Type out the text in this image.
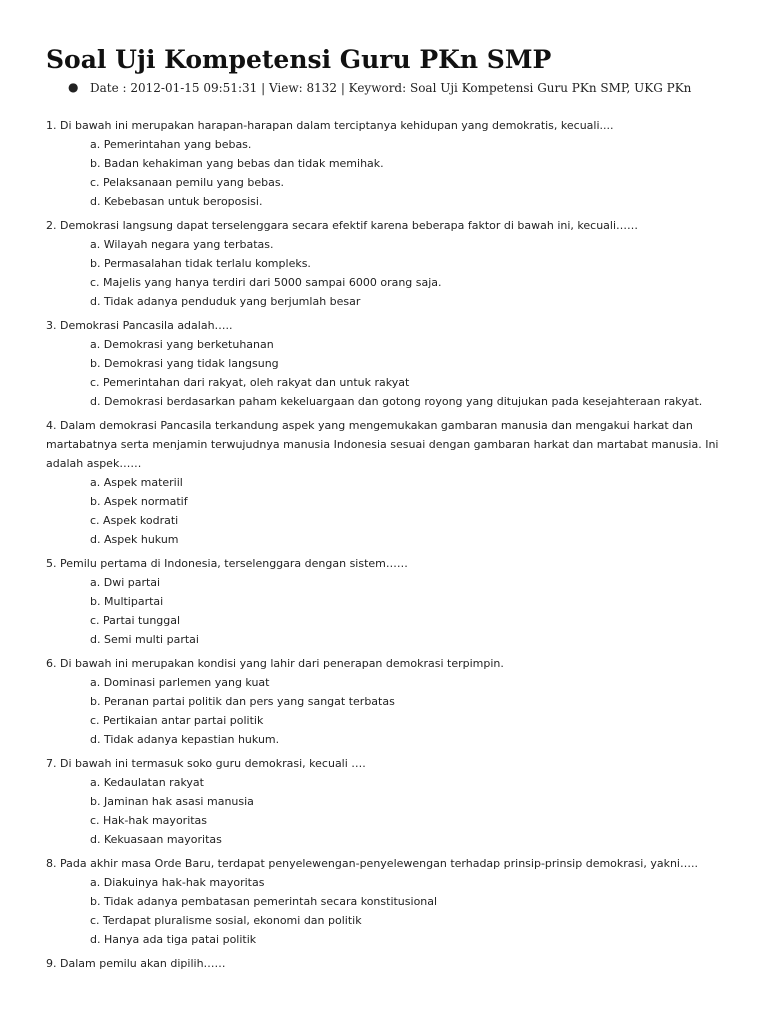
Soal Uji Kompetensi Guru PKn SMP
● Date : 2012-01-15 09:51:31 | View: 8132 | Keyword: Soal Uji Kompetensi Guru PKn SMP, UKG PKn
1. Di bawah ini merupakan harapan-harapan dalam terciptanya kehidupan yang demokratis, kecuali....
a. Pemerintahan yang bebas.
b. Badan kehakiman yang bebas dan tidak memihak.
c. Pelaksanaan pemilu yang bebas.
d. Kebebasan untuk beroposisi.
2. Demokrasi langsung dapat terselenggara secara efektif karena beberapa faktor di bawah ini, kecuali……
a. Wilayah negara yang terbatas.
b. Permasalahan tidak terlalu kompleks.
c. Majelis yang hanya terdiri dari 5000 sampai 6000 orang saja.
d. Tidak adanya penduduk yang berjumlah besar
3. Demokrasi Pancasila adalah…..
a. Demokrasi yang berketuhanan
b. Demokrasi yang tidak langsung
c. Pemerintahan dari rakyat, oleh rakyat dan untuk rakyat
d. Demokrasi berdasarkan paham kekeluargaan dan gotong royong yang ditujukan pada kesejahteraan rakyat.
4. Dalam demokrasi Pancasila terkandung aspek yang mengemukakan gambaran manusia dan mengakui harkat dan martabatnya serta menjamin terwujudnya manusia Indonesia sesuai dengan gambaran harkat dan martabat manusia. Ini adalah aspek……
a. Aspek materiil
b. Aspek normatif
c. Aspek kodrati
d. Aspek hukum
5. Pemilu pertama di Indonesia, terselenggara dengan sistem……
a. Dwi partai
b. Multipartai
c. Partai tunggal
d. Semi multi partai
6. Di bawah ini merupakan kondisi yang lahir dari penerapan demokrasi terpimpin.
a. Dominasi parlemen yang kuat
b. Peranan partai politik dan pers yang sangat terbatas
c. Pertikaian antar partai politik
d. Tidak adanya kepastian hukum.
7. Di bawah ini termasuk soko guru demokrasi, kecuali ….
a. Kedaulatan rakyat
b. Jaminan hak asasi manusia
c. Hak-hak mayoritas
d. Kekuasaan mayoritas
8. Pada akhir masa Orde Baru, terdapat penyelewengan-penyelewengan terhadap prinsip-prinsip demokrasi, yakni…..
a. Diakuinya hak-hak mayoritas
b. Tidak adanya pembatasan pemerintah secara konstitusional
c. Terdapat pluralisme sosial, ekonomi dan politik
d. Hanya ada tiga patai politik
9. Dalam pemilu akan dipilih……
